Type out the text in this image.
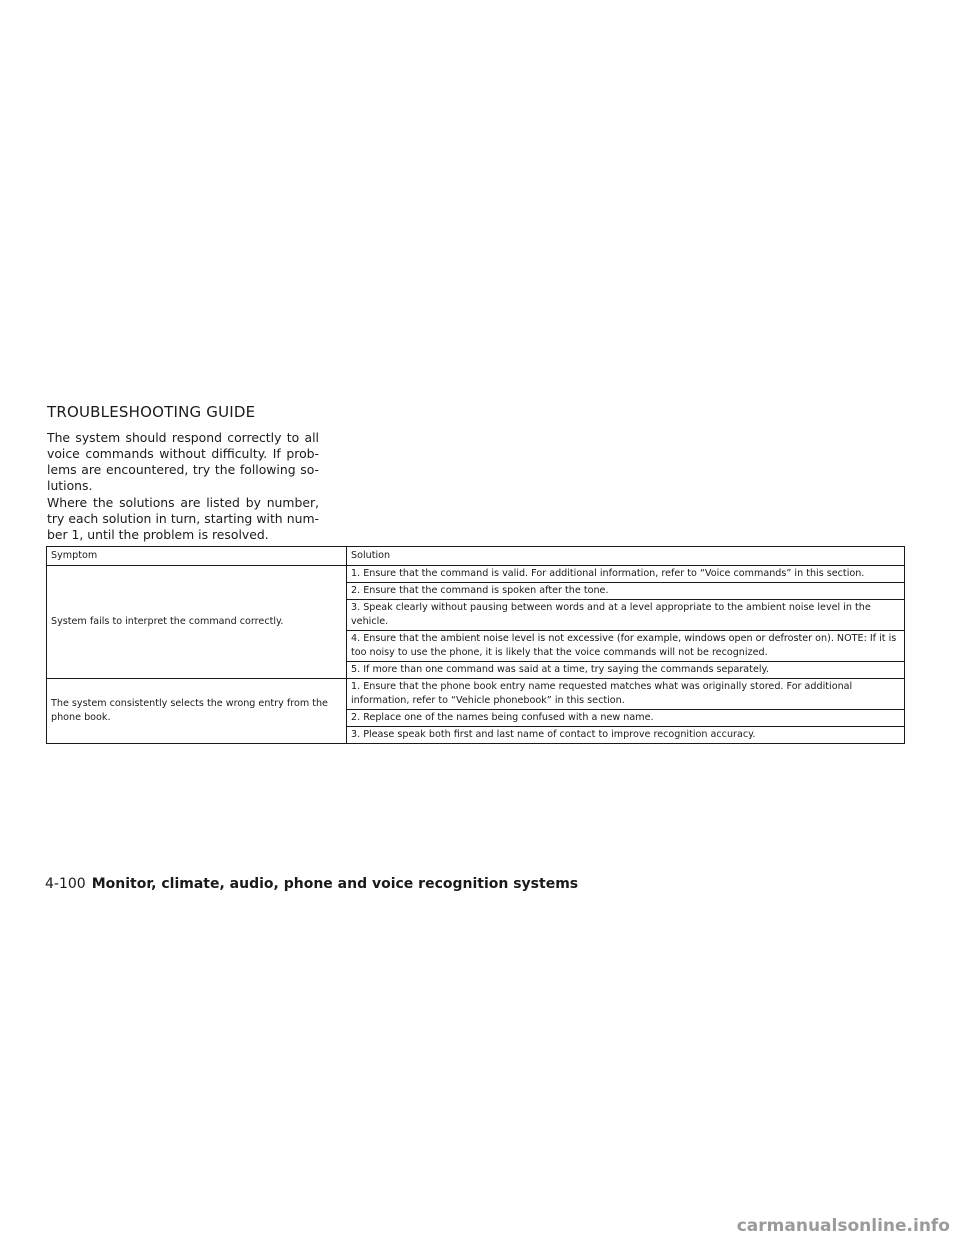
TROUBLESHOOTING GUIDE

The system should respond correctly to all voice commands without difficulty. If prob-lems are encountered, try the following so-lutions.

Where the solutions are listed by number, try each solution in turn, starting with num-ber 1, until the problem is resolved.

Symptom	Solution
System fails to interpret the command correctly.	1. Ensure that the command is valid. For additional information, refer to “Voice commands” in this section.
	2. Ensure that the command is spoken after the tone.
	3. Speak clearly without pausing between words and at a level appropriate to the ambient noise level in the vehicle.
	4. Ensure that the ambient noise level is not excessive (for example, windows open or defroster on). NOTE: If it is too noisy to use the phone, it is likely that the voice commands will not be recognized.
	5. If more than one command was said at a time, try saying the commands separately.
The system consistently selects the wrong entry from the phone book.	1. Ensure that the phone book entry name requested matches what was originally stored. For additional information, refer to “Vehicle phonebook” in this section.
	2. Replace one of the names being confused with a new name.
	3. Please speak both first and last name of contact to improve recognition accuracy.
4-100 Monitor, climate, audio, phone and voice recognition systems
carmanualsonline.info
